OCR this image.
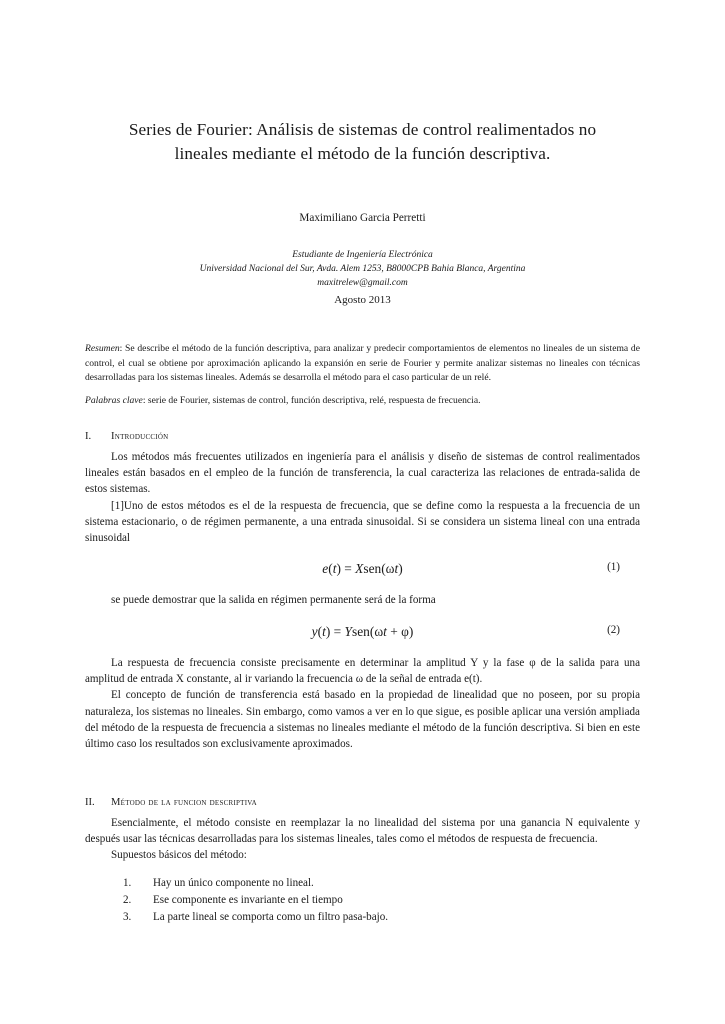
Series de Fourier: Análisis de sistemas de control realimentados no
lineales mediante el método de la función descriptiva.

Maximiliano Garcia Perretti

Estudiante de Ingeniería Electrónica
Universidad Nacional del Sur, Avda. Alem 1253, B8000CPB Bahia Blanca, Argentina
maxitrelew@gmail.com
Agosto 2013

Resumen: Se describe el método de la función descriptiva, para analizar y predecir comportamientos de elementos no lineales de un sistema de control, el cual se obtiene por aproximación aplicando la expansión en serie de Fourier y permite analizar sistemas no lineales con técnicas desarrolladas para los sistemas lineales. Además se desarrolla el método para el caso particular de un relé.

Palabras clave: serie de Fourier, sistemas de control, función descriptiva, relé, respuesta de frecuencia.

I. Introducción

Los métodos más frecuentes utilizados en ingeniería para el análisis y diseño de sistemas de control realimentados lineales están basados en el empleo de la función de transferencia, la cual caracteriza las relaciones de entrada-salida de estos sistemas.

[1]Uno de estos métodos es el de la respuesta de frecuencia, que se define como la respuesta a la frecuencia de un sistema estacionario, o de régimen permanente, a una entrada sinusoidal. Si se considera un sistema lineal con una entrada sinusoidal

e(t) = Xsen(ωt)	(1)

se puede demostrar que la salida en régimen permanente será de la forma

y(t) = Ysen(ωt + φ)	(2)

La respuesta de frecuencia consiste precisamente en determinar la amplitud Y y la fase φ de la salida para una amplitud de entrada X constante, al ir variando la frecuencia ω de la señal de entrada e(t).

El concepto de función de transferencia está basado en la propiedad de linealidad que no poseen, por su propia naturaleza, los sistemas no lineales. Sin embargo, como vamos a ver en lo que sigue, es posible aplicar una versión ampliada del método de la respuesta de frecuencia a sistemas no lineales mediante el método de la función descriptiva. Si bien en este último caso los resultados son exclusivamente aproximados.

II. Método de la funcion descriptiva

Esencialmente, el método consiste en reemplazar la no linealidad del sistema por una ganancia N equivalente y después usar las técnicas desarrolladas para los sistemas lineales, tales como el métodos de respuesta de frecuencia.

Supuestos básicos del método:

1.	Hay un único componente no lineal.
2.	Ese componente es invariante en el tiempo
3.	La parte lineal se comporta como un filtro pasa-bajo.
